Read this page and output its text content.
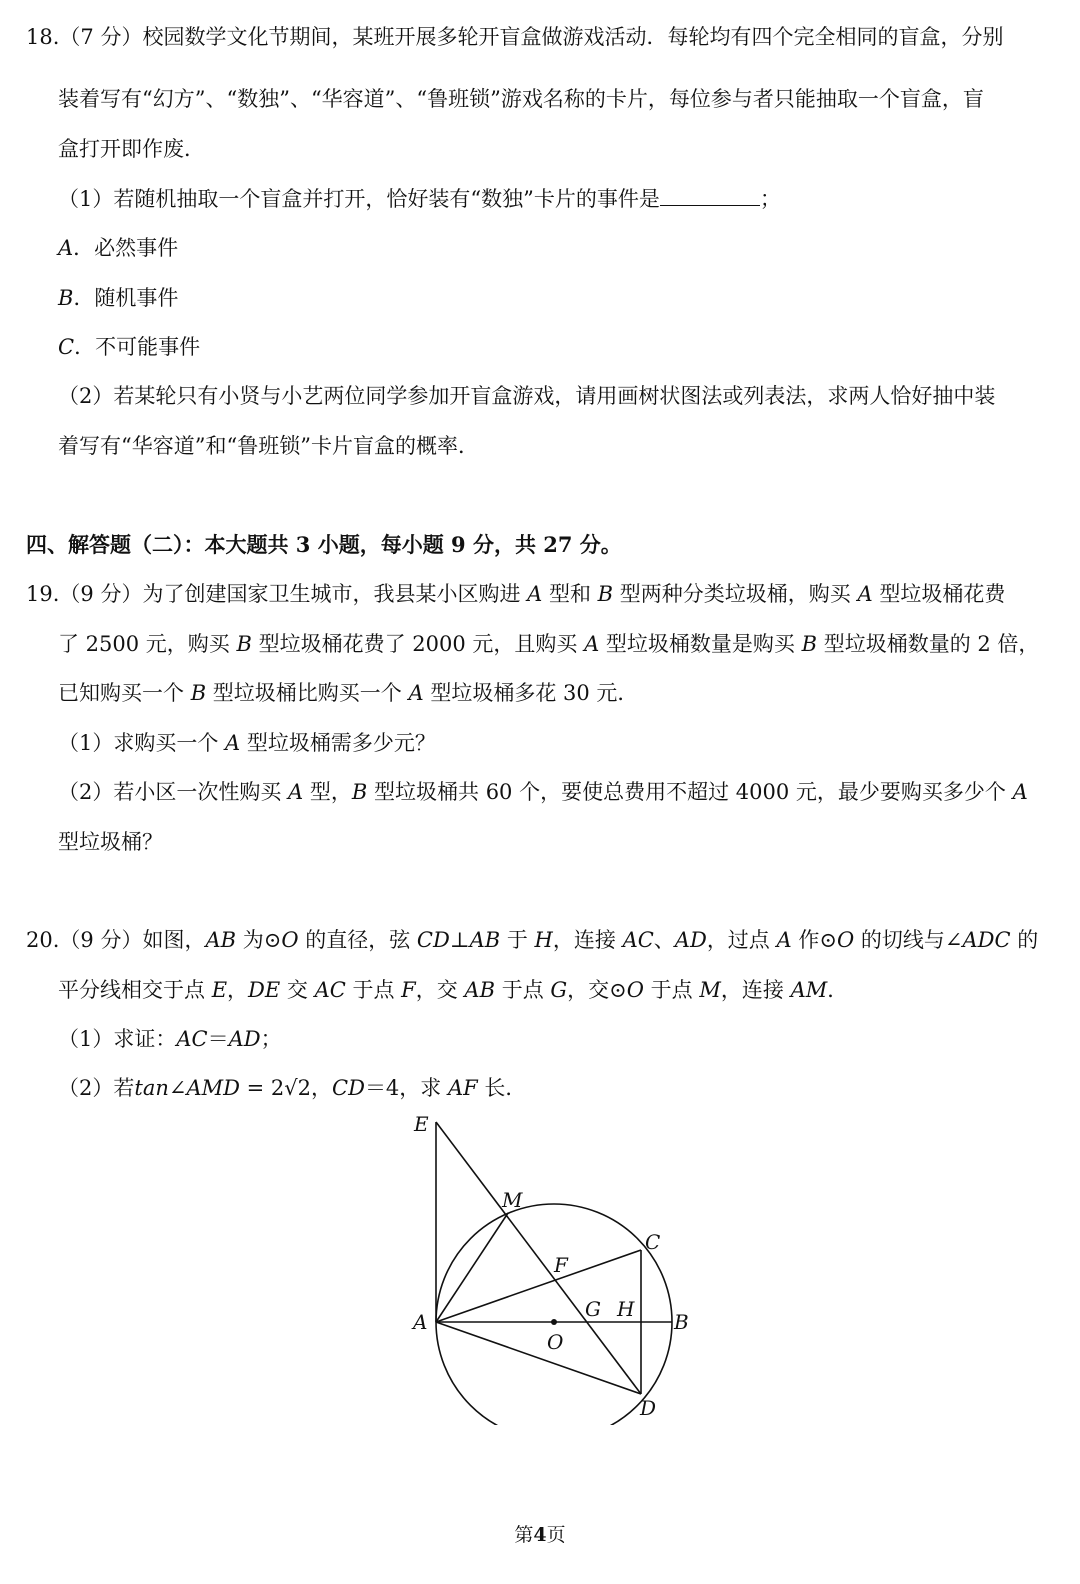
18.（7 分）校园数学文化节期间，某班开展多轮开盲盒做游戏活动．每轮均有四个完全相同的盲盒，分别
装着写有“幻方”、“数独”、“华容道”、“鲁班锁”游戏名称的卡片，每位参与者只能抽取一个盲盒，盲
盒打开即作废．
（1）若随机抽取一个盲盒并打开，恰好装有“数独”卡片的事件是	；
A．必然事件
B．随机事件
C．不可能事件
（2）若某轮只有小贤与小艺两位同学参加开盲盒游戏，请用画树状图法或列表法，求两人恰好抽中装
着写有“华容道”和“鲁班锁”卡片盲盒的概率．
四、解答题（二）：本大题共 3 小题，每小题 9 分，共 27 分。
19.（9 分）为了创建国家卫生城市，我县某小区购进 A 型和 B 型两种分类垃圾桶，购买 A 型垃圾桶花费
了 2500 元，购买 B 型垃圾桶花费了 2000 元，且购买 A 型垃圾桶数量是购买 B 型垃圾桶数量的 2 倍，
已知购买一个 B 型垃圾桶比购买一个 A 型垃圾桶多花 30 元．
（1）求购买一个 A 型垃圾桶需多少元？
（2）若小区一次性购买 A 型，B 型垃圾桶共 60 个，要使总费用不超过 4000 元，最少要购买多少个 A
型垃圾桶？
20.（9 分）如图，AB 为⊙O 的直径，弦 CD⊥AB 于 H，连接 AC、AD，过点 A 作⊙O 的切线与∠ADC 的
平分线相交于点 E，DE 交 AC 于点 F，交 AB 于点 G，交⊙O 于点 M，连接 AM．
（1）求证：AC＝AD；
（2）若tan∠AMD = 2√2，CD＝4，求 AF 长．
E
M
C
F
G H
A
O
B
D
第4页
